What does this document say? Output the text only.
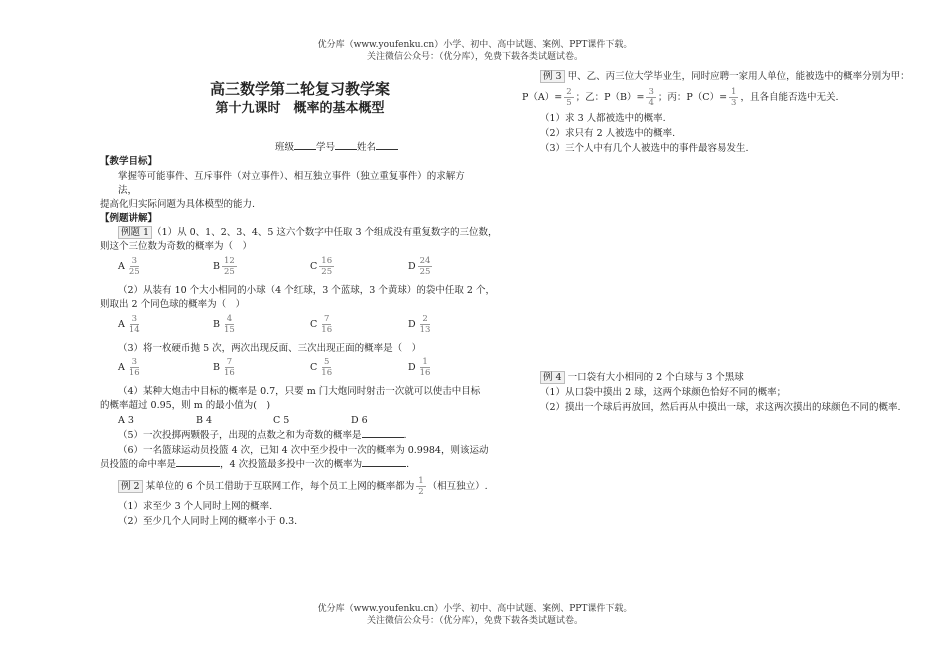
优分库（www.youfenku.cn）小学、初中、高中试题、案例、PPT课件下载。
关注微信公众号：（优分库），免费下载各类试题试卷。
高三数学第二轮复习教学案
第十九课时　概率的基本概型
班级 学号 姓名
【教学目标】
掌握等可能事件、互斥事件（对立事件）、相互独立事件（独立重复事件）的求解方
法，
提高化归实际问题为具体模型的能力.
【例题讲解】
例题 1 （1）从 0、1、2、3、4、5 这六个数字中任取 3 个组成没有重复数字的三位数，
则这个三位数为奇数的概率为（　）
A $\frac{3}{25}$	B $\frac{12}{25}$	C $\frac{16}{25}$	D $\frac{24}{25}$
（2）从装有 10 个大小相同的小球（4 个红球，3 个蓝球，3 个黄球）的袋中任取 2 个，
则取出 2 个同色球的概率为（　）
A $\frac{3}{14}$	B $\frac{4}{15}$	C $\frac{7}{16}$	D $\frac{2}{13}$
（3）将一枚硬币抛 5 次，两次出现反面、三次出现正面的概率是（　）
A $\frac{3}{16}$	B $\frac{7}{16}$	C $\frac{5}{16}$	D $\frac{1}{16}$
（4）某种大炮击中目标的概率是 0.7，只要 m 门大炮同时射击一次就可以使击中目标
的概率超过 0.95，则 m 的最小值为(　)
A 3	B 4	C 5	D 6
（5）一次投掷两颗骰子，出现的点数之和为奇数的概率是	.
（6）一名篮球运动员投篮 4 次，已知 4 次中至少投中一次的概率为 0.9984，则该运动
员投篮的命中率是	，4 次投篮最多投中一次的概率为	.
例 2 某单位的 6 个员工借助于互联网工作，每个员工上网的概率都为 $\frac{1}{2}$ （相互独立）.
（1）求至少 3 个人同时上网的概率.
（2）至少几个人同时上网的概率小于 0.3.
例 3 甲、乙、丙三位大学毕业生，同时应聘一家用人单位，能被选中的概率分别为甲：
$P(A)= \frac{2}{5}$ ；乙：$P(B)= \frac{3}{4}$ ；丙：$P(C)= \frac{1}{3}$ ，且各自能否选中无关.
（1）求 3 人都被选中的概率.
（2）求只有 2 人被选中的概率.
（3）三个人中有几个人被选中的事件最容易发生.
例 4 一口袋有大小相同的 2 个白球与 3 个黑球
（1）从口袋中摸出 2 球，这两个球颜色恰好不同的概率；
（2）摸出一个球后再放回，然后再从中摸出一球，求这两次摸出的球颜色不同的概率.
优分库（www.youfenku.cn）小学、初中、高中试题、案例、PPT课件下载。
关注微信公众号：（优分库），免费下载各类试题试卷。
